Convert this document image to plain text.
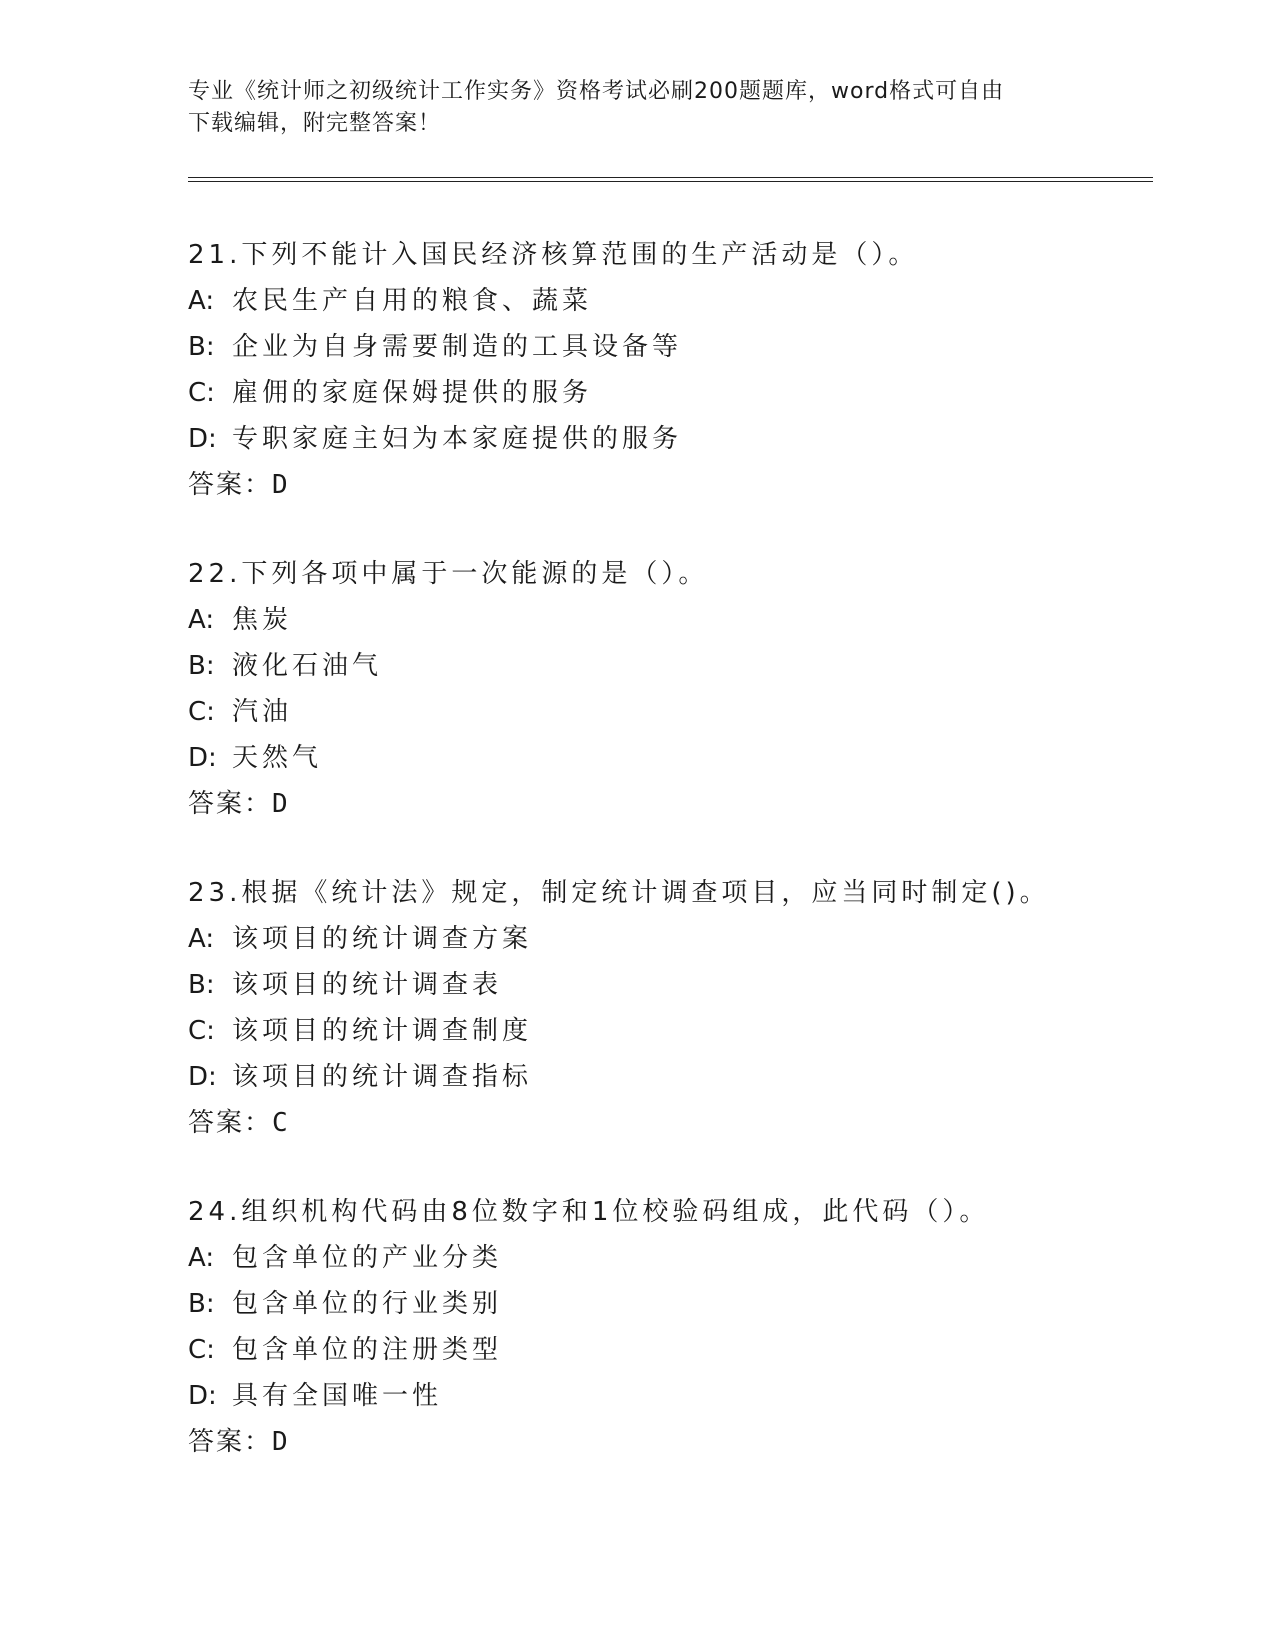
专业《统计师之初级统计工作实务》资格考试必刷200题题库，word格式可自由
下载编辑，附完整答案！
21.下列不能计入国民经济核算范围的生产活动是（）。
A: 农民生产自用的粮食、蔬菜
B: 企业为自身需要制造的工具设备等
C: 雇佣的家庭保姆提供的服务
D: 专职家庭主妇为本家庭提供的服务
答案：D
22.下列各项中属于一次能源的是（）。
A: 焦炭
B: 液化石油气
C: 汽油
D: 天然气
答案：D
23.根据《统计法》规定，制定统计调查项目，应当同时制定()。
A: 该项目的统计调查方案
B: 该项目的统计调查表
C: 该项目的统计调查制度
D: 该项目的统计调查指标
答案：C
24.组织机构代码由8位数字和1位校验码组成，此代码（）。
A: 包含单位的产业分类
B: 包含单位的行业类别
C: 包含单位的注册类型
D: 具有全国唯一性
答案：D
